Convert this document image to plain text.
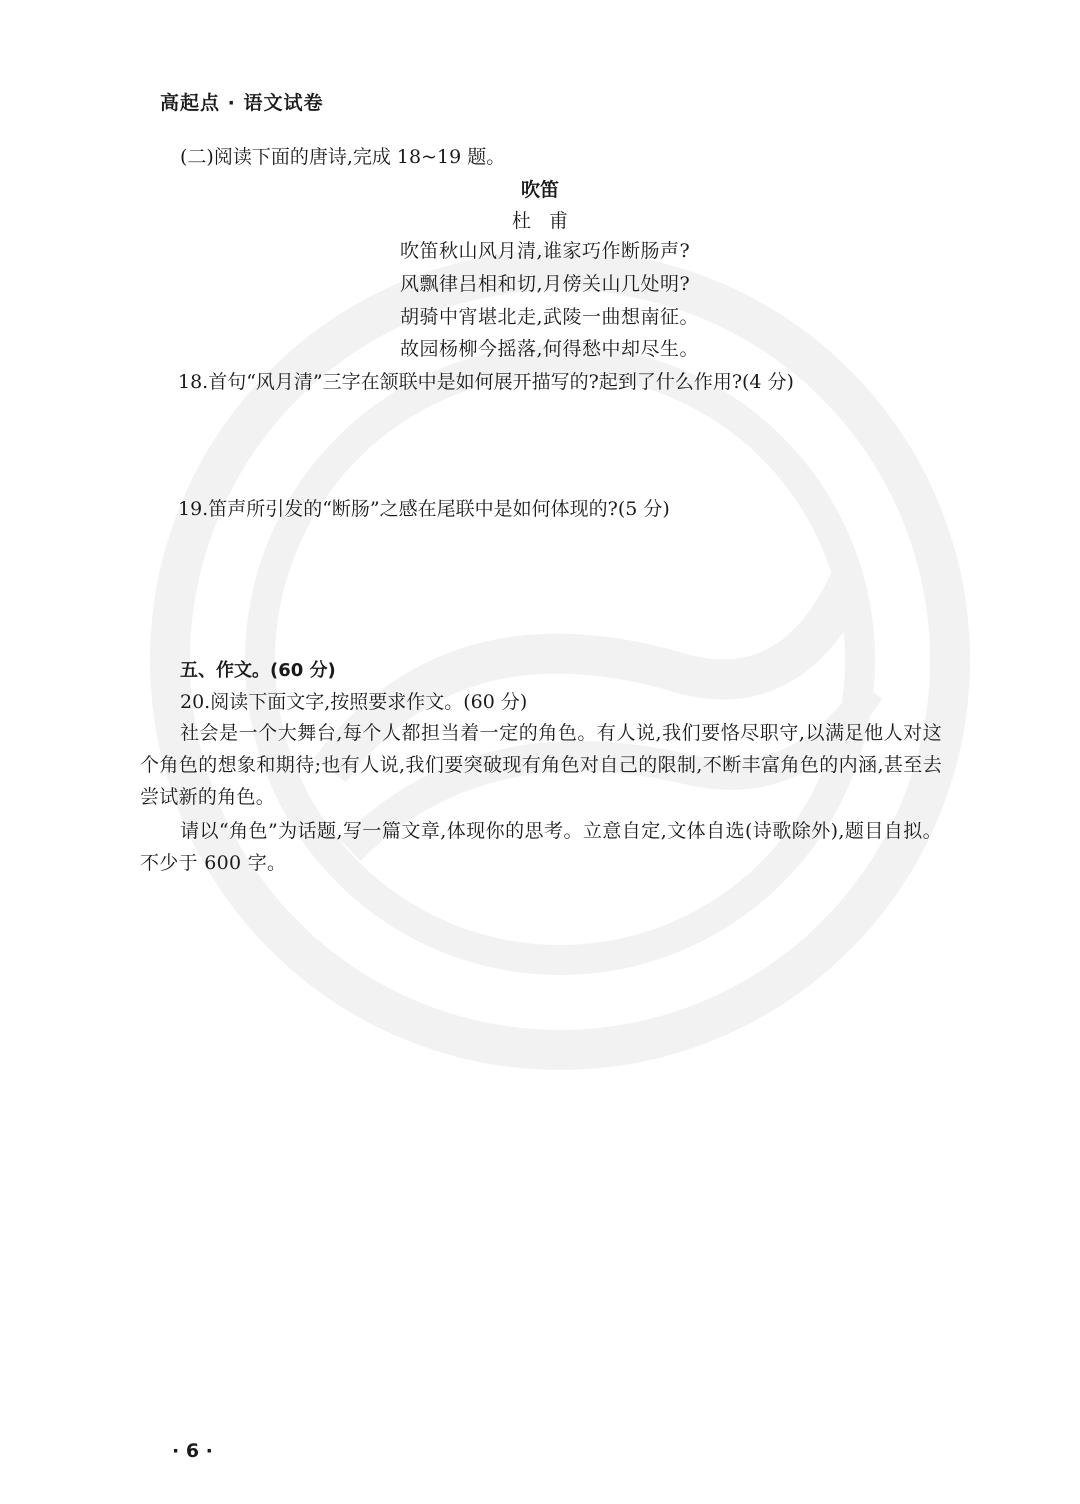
高起点 · 语文试卷
(二)阅读下面的唐诗,完成 18~19 题。
吹笛
杜甫
吹笛秋山风月清,谁家巧作断肠声?
风飘律吕相和切,月傍关山几处明?
胡骑中宵堪北走,武陵一曲想南征。
故园杨柳今摇落,何得愁中却尽生。
18.首句“风月清”三字在颔联中是如何展开描写的?起到了什么作用?(4 分)
19.笛声所引发的“断肠”之感在尾联中是如何体现的?(5 分)
五、作文。(60 分)
20.阅读下面文字,按照要求作文。(60 分)
社会是一个大舞台,每个人都担当着一定的角色。有人说,我们要恪尽职守,以满足他人对这个角色的想象和期待;也有人说,我们要突破现有角色对自己的限制,不断丰富角色的内涵,甚至去尝试新的角色。
请以“角色”为话题,写一篇文章,体现你的思考。立意自定,文体自选(诗歌除外),题目自拟。不少于 600 字。
· 6 ·
